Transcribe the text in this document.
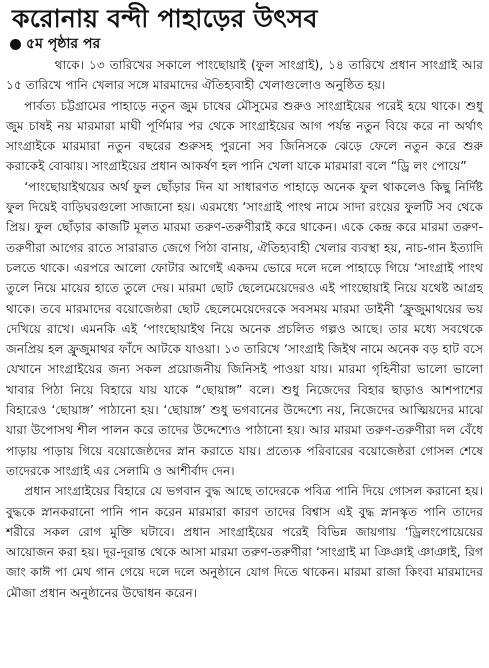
করোনায় বন্দী পাহাড়ের উৎসব
৫ম পৃষ্ঠার পর

থাকে। ১৩ তারিখের সকালে পাংছোয়াই (ফুল সাংগ্রাই), ১৪ তারিখে প্রধান সাংগ্রাই আর ১৫ তারিখে পানি খেলার সঙ্গে মারমাদের ঐতিহ্যবাহী খেলাগুলোও অনুষ্ঠিত হয়।

পার্বত্য চট্টগ্রামের পাহাড়ে নতুন জুম চাষের মৌসুমের শুরুও সাংগ্রাইয়ের পরেই হয়ে থাকে। শুধু জুম চাষই নয় মারমারা মাঘী পূর্ণিমার পর থেকে সাংগ্রাইয়ের আগ পর্যন্ত নতুন বিয়ে করে না অর্থাৎ সাংগ্রাইকে মারমারা নতুন বছরের শুরুসহ পুরনো সব জিনিসকে ঝেড়ে ফেলে নতুন করে শুরু করাকেই বোঝায়। সাংগ্রাইয়ের প্রধান আকর্ষণ হল পানি খেলা যাকে মারমারা বলে “ড্রি লং পোয়ে”

‘পাংছোয়াইথয়ের অর্থ ফুল ছোঁড়ার দিন যা সাধারণত পাহাড়ে অনেক ফুল থাকলেও কিছু নির্দিষ্ট ফুল দিয়েই বাড়িঘরগুলো সাজানো হয়। এরমধ্যে ‘সাংগ্রাই পাংথ নামে সাদা রংয়ের ফুলটি সব থেকে প্রিয়। ফুল ছোঁড়ার কাজটি মূলত মারমা তরুণ-তরুণীরাই করে থাকেন। একে কেন্দ্র করে মারমা তরুণ-তরুণীরা আগের রাতে সারারাত জেগে পিঠা বানায়, ঐতিহ্যবাহী খেলার ব্যবস্থা হয়, নাচ-গান ইত্যাদি চলতে থাকে। এরপরে আলো ফোটার আগেই একদম ভোরে দলে দলে পাহাড়ে গিয়ে ‘সাংগ্রাই পাংথ তুলে নিয়ে মায়ের হাতে তুলে দেয়। মারমা ছোট ছেলেমেয়েদেরও এই পাংছোয়াই নিয়ে যথেষ্ট আগ্রহ থাকে। তবে মারমাদের বয়োজেষ্ঠরা ছোট ছেলেমেয়েদেরকে সবসময় মারমা ডাইনী ‘ফ্রুজুমাথয়ের ভয় দেখিয়ে রাখে। এমনকি এই ‘পাংছোয়াইথ নিয়ে অনেক প্রচলিত গল্পও আছে। তার মধ্যে সবথেকে জনপ্রিয় হল ফ্রুজুমাথর ফাঁদে আটকে যাওয়া। ১৩ তারিখে ‘সাংগ্রাই জিইথ নামে অনেক বড় হাট বসে যেখানে সাংগ্রাইয়ের জন্য সকল প্রয়োজনীয় জিনিসই পাওয়া যায়। মারমা গৃহিনীরা ভালো ভালো খাবার পিঠা নিয়ে বিহারে যায় যাকে “ছোয়াঙ্গ” বলে। শুধু নিজেদের বিহার ছাড়াও আশপাশের বিহারেও ‘ছোয়াঙ্গ’ পাঠানো হয়। ‘ছোয়াঙ্গ’ শুধু ভগবানের উদ্দেশ্যে নয়, নিজেদের আত্মিয়দের মাঝে যারা উপোসথ শীল পালন করে তাদের উদ্দেশ্যেও পাঠানো হয়। আর মারমা তরুণ-তরুণীরা দল বেঁধে পাড়ায় পাড়ায় গিয়ে বয়োজেষ্ঠদের স্নান করাতে যায়। প্রত্যেক পরিবারের বয়োজেষ্ঠরা গোসল শেষে তাদেরকে সাংগ্রাই এর সেলামি ও আশীর্বাদ দেন।

প্রধান সাংগ্রাইয়ের বিহারে যে ভগবান বুদ্ধ আছে তাদেরকে পবিত্র পানি দিয়ে গোসল করানো হয়। বুদ্ধকে স্নানকরানো পানি পান করেন মারমারা কারণ তাদের বিশ্বাস এই বুদ্ধ স্নানস্কৃত পানি তাদের শরীরে সকল রোগ মুক্তি ঘটাবে। প্রধান সাংগ্রাইয়ের পরেই বিভিন্ন জায়গায় ‘ড্রিলংপোয়েয়ের আয়োজন করা হয়। দূর-দূরান্ত থেকে আসা মারমা তরুণ-তরুণীরা ‘সাংগ্রাই মা ঞিঞাই ঞাঞাই, রিগ জাং কাঈ পা মেথ গান গেয়ে দলে দলে অনুষ্ঠানে যোগ দিতে থাকেন। মারমা রাজা কিংবা মারমাদের মৌজা প্রধান অনুষ্ঠানের উদ্বোধন করেন।
